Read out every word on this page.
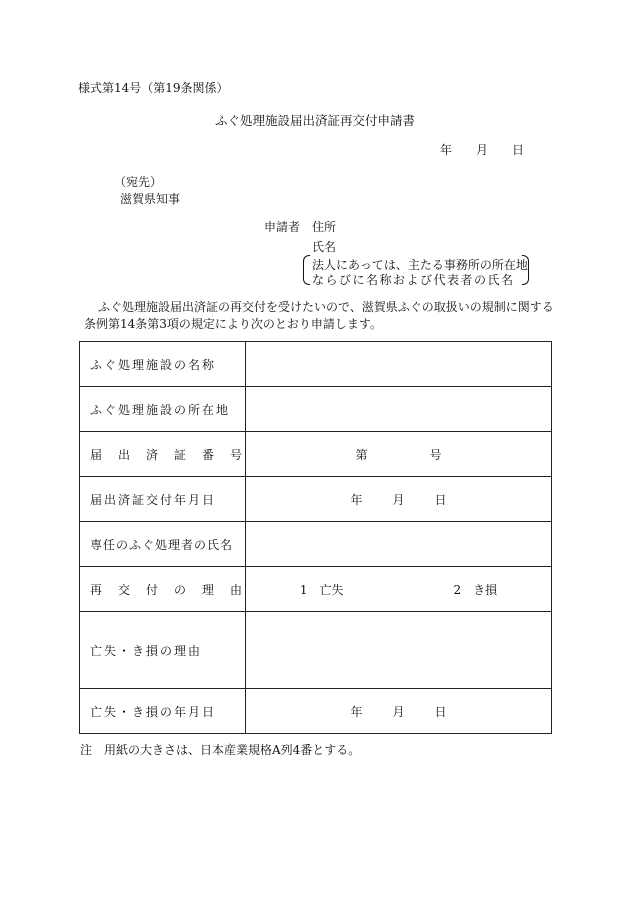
様式第14号（第19条関係）
ふぐ処理施設届出済証再交付申請書
年 月 日
（宛先）
滋賀県知事
申請者 住所
氏名
法人にあっては、主たる事務所の所在地
ならびに名称および代表者の氏名
ふぐ処理施設届出済証の再交付を受けたいので、滋賀県ふぐの取扱いの規制に関する
条例第14条第3項の規定により次のとおり申請します。
ふぐ処理施設の名称	
ふぐ処理施設の所在地	
届　出　済　証　番　号	第 号
届出済証交付年月日	年 月 日
専任のふぐ処理者の氏名	
再　交　付　の　理　由	1　亡失 2　き損
亡失・き損の理由	
亡失・き損の年月日	年 月 日
注　用紙の大きさは、日本産業規格A列4番とする。
